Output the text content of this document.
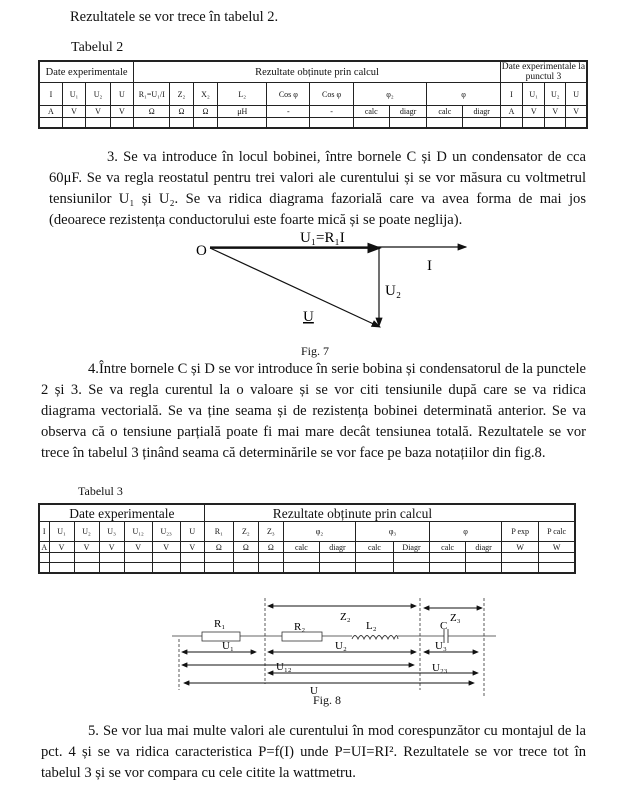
Rezultatele se vor trece în tabelul 2.
Tabelul 2
Date experimentale				Rezultate obținute prin calcul										Date experimentale la punctul 3			
I	U₁	U₂	U	R₁=U₁/I	Z₂	X₂	L₂	Cos φ	Cos φ	φ₂		φ		I	U₁	U₂	U
A	V	V	V	Ω	Ω	Ω	μH	-	-	calc	diagr	calc	diagr	A	V	V	V

3. Se va introduce în locul bobinei, între bornele C și D un condensator de cca 60μF. Se va regla reostatul pentru trei valori ale curentului și se vor măsura cu voltmetrul tensiunilor U₁ și U₂. Se va ridica diagrama fazorială care va avea forma de mai jos (deoarece rezistența conductorului este foarte mică și se poate neglija).
O
U₁=R₁I
I
U₂
U
Fig. 7
4.Între bornele C și D se vor introduce în serie bobina și condensatorul de la punctele 2 și 3. Se va regla curentul la o valoare și se vor citi tensiunile după care se va ridica diagrama vectorială. Se va ține seama și de rezistența bobinei determinată anterior. Se va observa că o tensiune parțială poate fi mai mare decât tensiunea totală. Rezultatele se vor trece în tabelul 3 ținând seama că determinările se vor face pe baza notațiilor din fig.8.
Tabelul 3
Date experimentale							Rezultate obținute prin calcul										
I	U₁	U₂	U₃	U₁₂	U₂₃	U	R₁	Z₂	Z₃	φ₂		φ₃		φ		P exp	P calc
A	V	V	V	V	V	V	Ω	Ω	Ω	calc	diagr	calc	Diagr	calc	diagr	W	W

R₁	R₂
Z₂
L₂	C
Z₃
U₁	U₂	U₃
U₁₂	U₂₃
U
Fig. 8
5. Se vor lua mai multe valori ale curentului în mod corespunzător cu montajul de la pct. 4 și se va ridica caracteristica P=f(I) unde P=UI=RI². Rezultatele se vor trece tot în tabelul 3 și se vor compara cu cele citite la wattmetru.
